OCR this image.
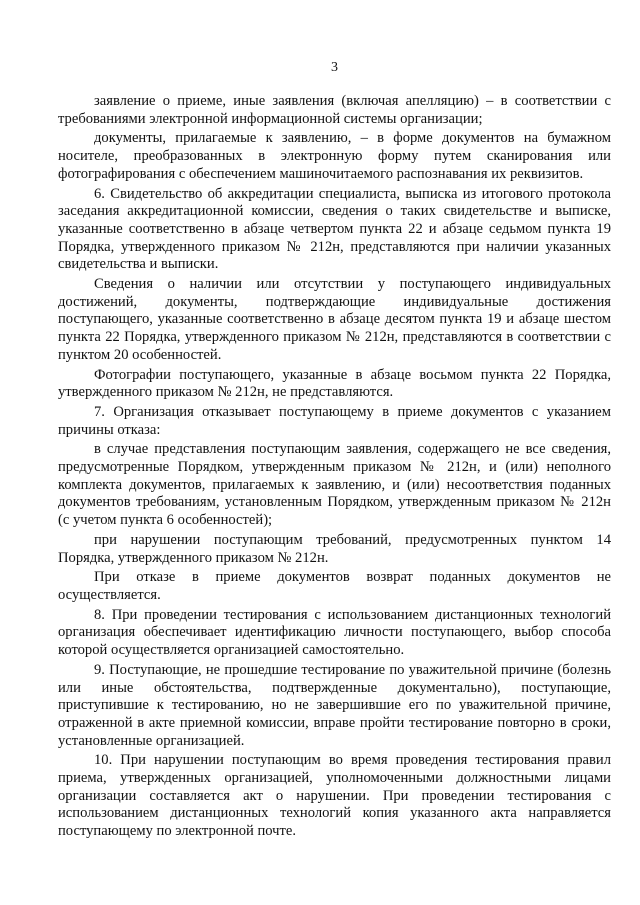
3

заявление о приеме, иные заявления (включая апелляцию) – в соответствии с требованиями электронной информационной системы организации;

документы, прилагаемые к заявлению, – в форме документов на бумажном носителе, преобразованных в электронную форму путем сканирования или фотографирования с обеспечением машиночитаемого распознавания их реквизитов.

6. Свидетельство об аккредитации специалиста, выписка из итогового протокола заседания аккредитационной комиссии, сведения о таких свидетельстве и выписке, указанные соответственно в абзаце четвертом пункта 22 и абзаце седьмом пункта 19 Порядка, утвержденного приказом № 212н, представляются при наличии указанных свидетельства и выписки.

Сведения о наличии или отсутствии у поступающего индивидуальных достижений, документы, подтверждающие индивидуальные достижения поступающего, указанные соответственно в абзаце десятом пункта 19 и абзаце шестом пункта 22 Порядка, утвержденного приказом № 212н, представляются в соответствии с пунктом 20 особенностей.

Фотографии поступающего, указанные в абзаце восьмом пункта 22 Порядка, утвержденного приказом № 212н, не представляются.

7. Организация отказывает поступающему в приеме документов с указанием причины отказа:

в случае представления поступающим заявления, содержащего не все сведения, предусмотренные Порядком, утвержденным приказом № 212н, и (или) неполного комплекта документов, прилагаемых к заявлению, и (или) несоответствия поданных документов требованиям, установленным Порядком, утвержденным приказом № 212н (с учетом пункта 6 особенностей);

при нарушении поступающим требований, предусмотренных пунктом 14 Порядка, утвержденного приказом № 212н.

При отказе в приеме документов возврат поданных документов не осуществляется.

8. При проведении тестирования с использованием дистанционных технологий организация обеспечивает идентификацию личности поступающего, выбор способа которой осуществляется организацией самостоятельно.

9. Поступающие, не прошедшие тестирование по уважительной причине (болезнь или иные обстоятельства, подтвержденные документально), поступающие, приступившие к тестированию, но не завершившие его по уважительной причине, отраженной в акте приемной комиссии, вправе пройти тестирование повторно в сроки, установленные организацией.

10. При нарушении поступающим во время проведения тестирования правил приема, утвержденных организацией, уполномоченными должностными лицами организации составляется акт о нарушении. При проведении тестирования с использованием дистанционных технологий копия указанного акта направляется поступающему по электронной почте.
